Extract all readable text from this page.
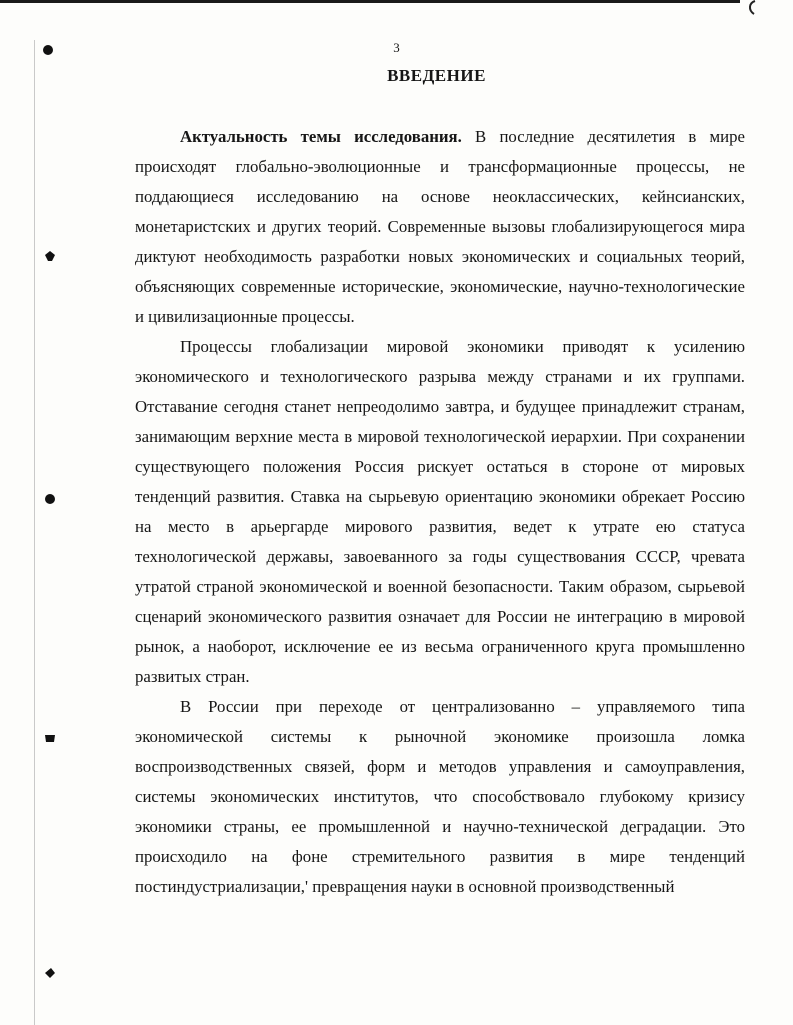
3
ВВЕДЕНИЕ

Актуальность темы исследования. В последние десятилетия в мире происходят глобально-эволюционные и трансформационные процессы, не поддающиеся исследованию на основе неоклассических, кейнсианских, монетаристских и других теорий. Современные вызовы глобализирующегося мира диктуют необходимость разработки новых экономических и социальных теорий, объясняющих современные исторические, экономические, научно-технологические и цивилизационные процессы.

Процессы глобализации мировой экономики приводят к усилению экономического и технологического разрыва между странами и их группами. Отставание сегодня станет непреодолимо завтра, и будущее принадлежит странам, занимающим верхние места в мировой технологической иерархии. При сохранении существующего положения Россия рискует остаться в стороне от мировых тенденций развития. Ставка на сырьевую ориентацию экономики обрекает Россию на место в арьергарде мирового развития, ведет к утрате ею статуса технологической державы, завоеванного за годы существования СССР, чревата утратой страной экономической и военной безопасности. Таким образом, сырьевой сценарий экономического развития означает для России не интеграцию в мировой рынок, а наоборот, исключение ее из весьма ограниченного круга промышленно развитых стран.

В России при переходе от централизованно – управляемого типа экономической системы к рыночной экономике произошла ломка воспроизводственных связей, форм и методов управления и самоуправления, системы экономических институтов, что способствовало глубокому кризису экономики страны, ее промышленной и научно-технической деградации. Это происходило на фоне стремительного развития в мире тенденций постиндустриализации,' превращения науки в основной производственный
